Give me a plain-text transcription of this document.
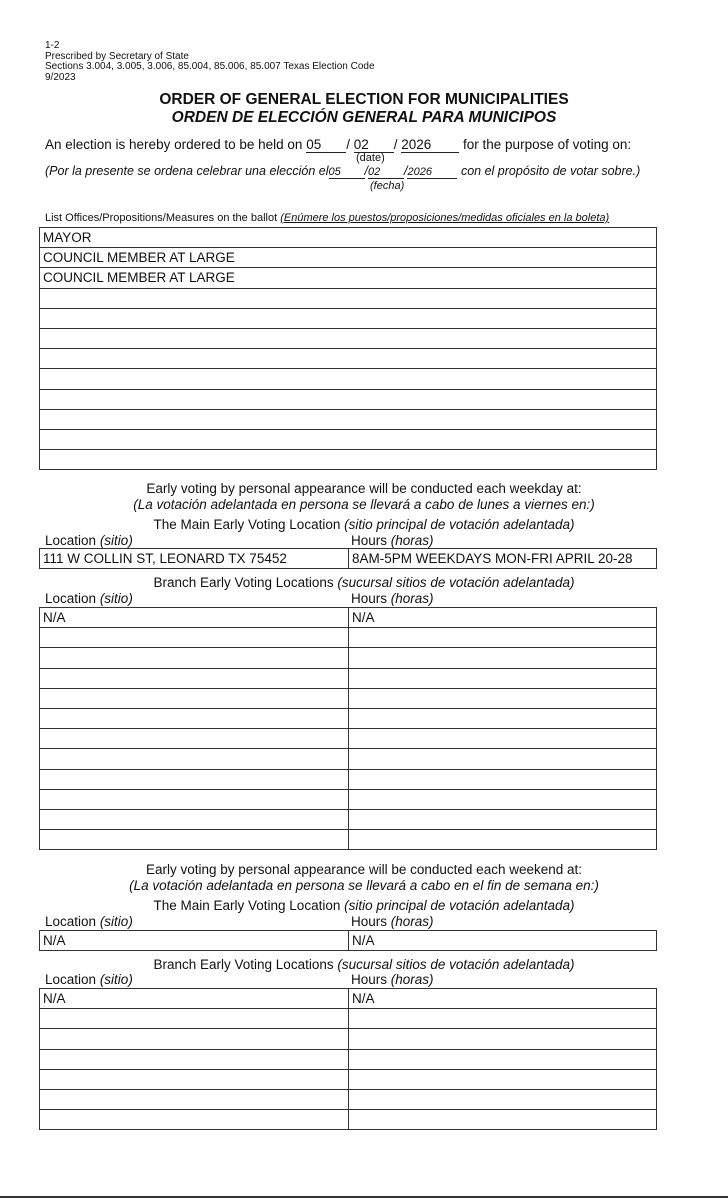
1-2
Prescribed by Secretary of State
Sections 3.004, 3.005, 3.006, 85.004, 85.006, 85.007 Texas Election Code
9/2023
ORDER OF GENERAL ELECTION FOR MUNICIPALITIES
ORDEN DE ELECCIÓN GENERAL PARA MUNICIPOS
An election is hereby ordered to be held on 05 / 02 / 2026 for the purpose of voting on:
(date)
(Por la presente se ordena celebrar una elección el05 /02 /2026 con el propósito de votar sobre.)
(fecha)
List Offices/Propositions/Measures on the ballot (Enúmere los puestos/proposiciones/medidas oficiales en la boleta)
MAYOR
COUNCIL MEMBER AT LARGE
COUNCIL MEMBER AT LARGE

Early voting by personal appearance will be conducted each weekday at:
(La votación adelantada en persona se llevará a cabo de lunes a viernes en:)
The Main Early Voting Location (sitio principal de votación adelantada)
Location (sitio)	Hours (horas)
111 W COLLIN ST, LEONARD TX 75452	8AM-5PM WEEKDAYS MON-FRI APRIL 20-28
Branch Early Voting Locations (sucursal sitios de votación adelantada)
Location (sitio)	Hours (horas)
N/A	N/A

Early voting by personal appearance will be conducted each weekend at:
(La votación adelantada en persona se llevará a cabo en el fin de semana en:)
The Main Early Voting Location (sitio principal de votación adelantada)
Location (sitio)	Hours (horas)
N/A	N/A
Branch Early Voting Locations (sucursal sitios de votación adelantada)
Location (sitio)	Hours (horas)
N/A	N/A
